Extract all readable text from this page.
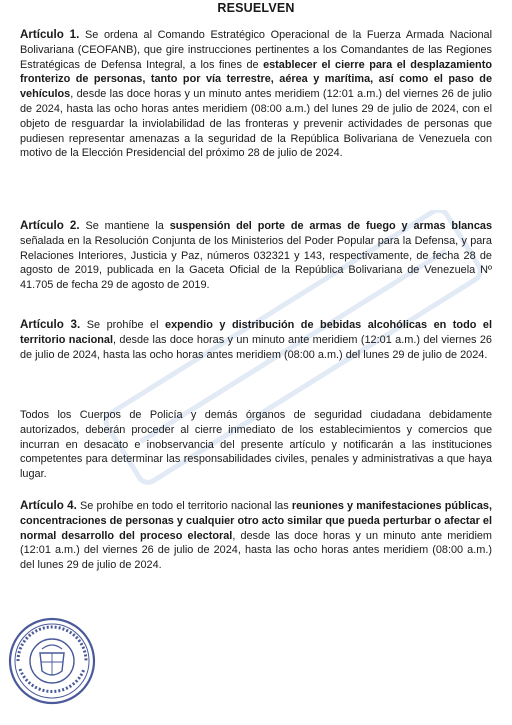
RESUELVEN

Artículo 1. Se ordena al Comando Estratégico Operacional de la Fuerza Armada Nacional Bolivariana (CEOFANB), que gire instrucciones pertinentes a los Comandantes de las Regiones Estratégicas de Defensa Integral, a los fines de establecer el cierre para el desplazamiento fronterizo de personas, tanto por vía terrestre, aérea y marítima, así como el paso de vehículos, desde las doce horas y un minuto antes meridiem (12:01 a.m.) del viernes 26 de julio de 2024, hasta las ocho horas antes meridiem (08:00 a.m.) del lunes 29 de julio de 2024, con el objeto de resguardar la inviolabilidad de las fronteras y prevenir actividades de personas que pudiesen representar amenazas a la seguridad de la República Bolivariana de Venezuela con motivo de la Elección Presidencial del próximo 28 de julio de 2024.

Artículo 2. Se mantiene la suspensión del porte de armas de fuego y armas blancas señalada en la Resolución Conjunta de los Ministerios del Poder Popular para la Defensa, y para Relaciones Interiores, Justicia y Paz, números 032321 y 143, respectivamente, de fecha 28 de agosto de 2019, publicada en la Gaceta Oficial de la República Bolivariana de Venezuela Nº 41.705 de fecha 29 de agosto de 2019.

Artículo 3. Se prohíbe el expendio y distribución de bebidas alcohólicas en todo el territorio nacional, desde las doce horas y un minuto ante meridiem (12:01 a.m.) del viernes 26 de julio de 2024, hasta las ocho horas antes meridiem (08:00 a.m.) del lunes 29 de julio de 2024.

Todos los Cuerpos de Policía y demás órganos de seguridad ciudadana debidamente autorizados, deberán proceder al cierre inmediato de los establecimientos y comercios que incurran en desacato e inobservancia del presente artículo y notificarán a las instituciones competentes para determinar las responsabilidades civiles, penales y administrativas a que haya lugar.

Artículo 4. Se prohíbe en todo el territorio nacional las reuniones y manifestaciones públicas, concentraciones de personas y cualquier otro acto similar que pueda perturbar o afectar el normal desarrollo del proceso electoral, desde las doce horas y un minuto ante meridiem (12:01 a.m.) del viernes 26 de julio de 2024, hasta las ocho horas antes meridiem (08:00 a.m.) del lunes 29 de julio de 2024.
